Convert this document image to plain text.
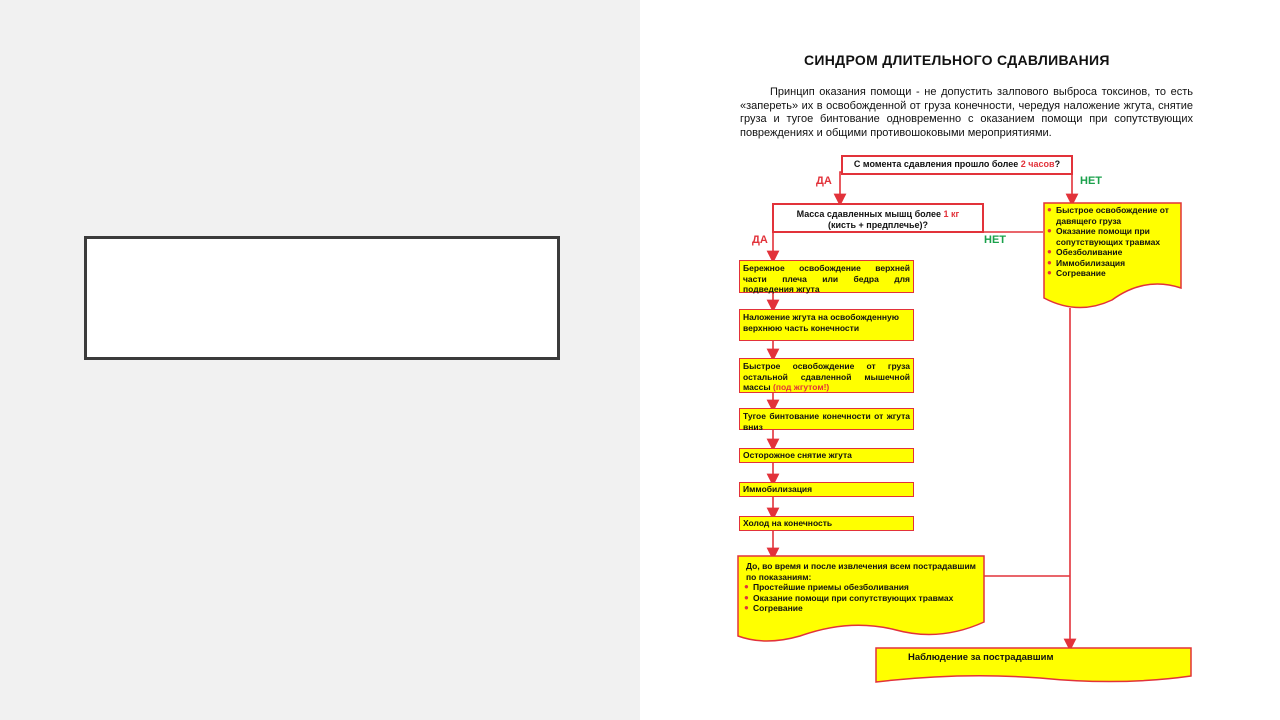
СИНДРОМ ДЛИТЕЛЬНОГО СДАВЛИВАНИЯ
Принцип оказания помощи - не допустить залпового выброса токсинов, то есть «запереть» их в освобожденной от груза конечности, чередуя наложение жгута, снятие груза и тугое бинтование одновременно с оказанием помощи при сопутствующих повреждениях и общими противошоковыми мероприятиями.
С момента сдавления прошло более 2 часов?
ДА	НЕТ
Масса сдавленных мышц более 1 кг
(кисть + предплечье)?
ДА	НЕТ
● Быстрое освобождение от давящего груза
● Оказание помощи при сопутствующих травмах
● Обезболивание
● Иммобилизация
● Согревание
Бережное освобождение верхней части плеча или бедра для подведения жгута
Наложение жгута на освобожденную верхнюю часть конечности
Быстрое освобождение от груза остальной сдавленной мышечной массы (под жгутом!)
Тугое бинтование конечности от жгута вниз
Осторожное снятие жгута
Иммобилизация
Холод на конечность
До, во время и после извлечения всем пострадавшим по показаниям:
● Простейшие приемы обезболивания
● Оказание помощи при сопутствующих травмах
● Согревание
Наблюдение за пострадавшим
